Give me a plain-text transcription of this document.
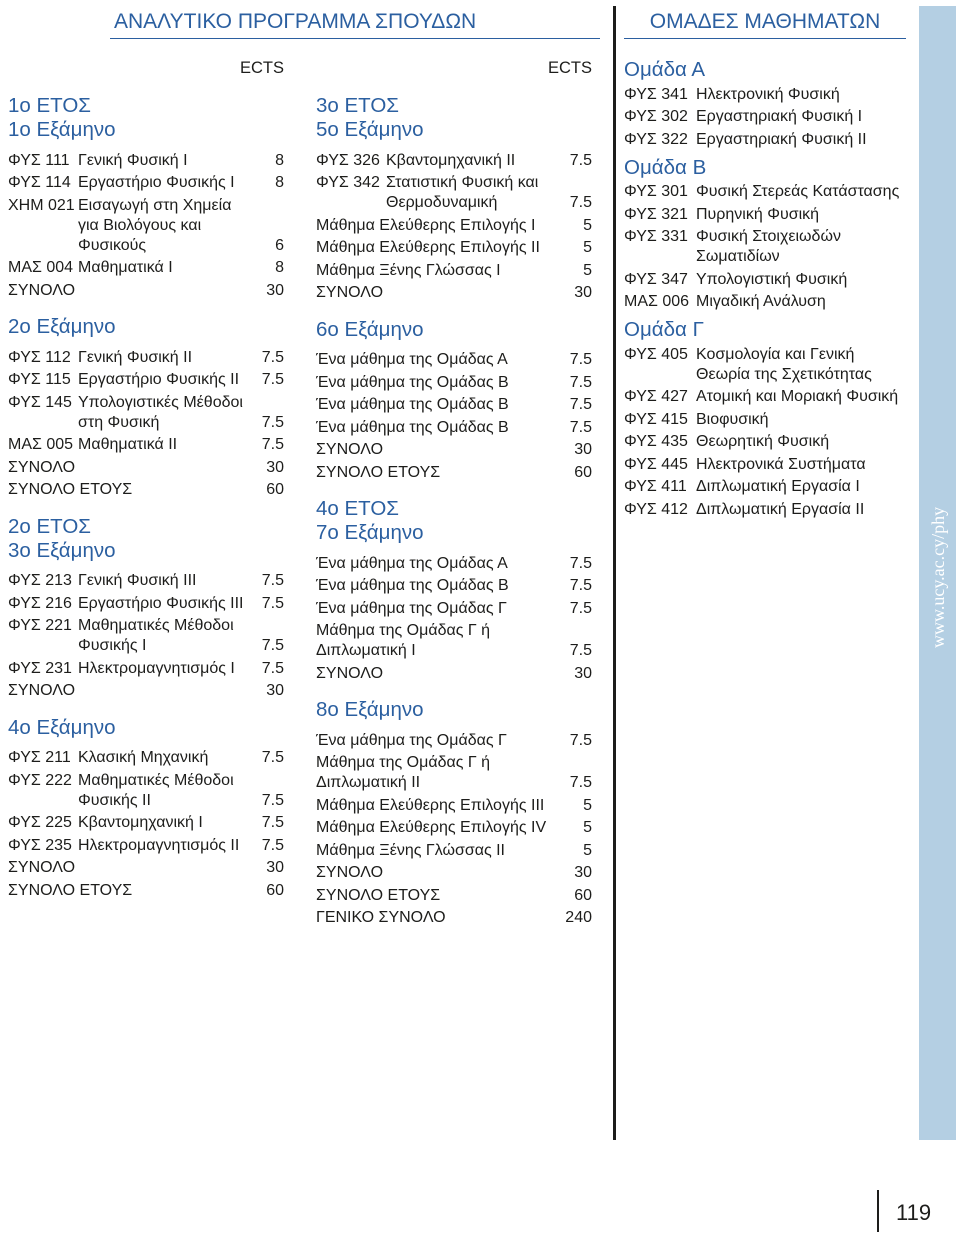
ΑΝΑΛΥΤΙΚΟ ΠΡΟΓΡΑΜΜΑ ΣΠΟΥΔΩΝ
ECTS
1ο ΕΤΟΣ
1ο Εξάμηνο
ΦΥΣ 111 Γενική Φυσική Ι	8
ΦΥΣ 114 Εργαστήριο Φυσικής Ι	8
ΧΗΜ 021 Εισαγωγή στη Χημεία για Βιολόγους και Φυσικούς	6
ΜΑΣ 004 Μαθηματικά Ι	8
ΣΥΝΟΛΟ	30
2ο Εξάμηνο
ΦΥΣ 112 Γενική Φυσική ΙΙ	7.5
ΦΥΣ 115 Εργαστήριο Φυσικής ΙΙ	7.5
ΦΥΣ 145 Υπολογιστικές Μέθοδοι στη Φυσική	7.5
ΜΑΣ 005 Μαθηματικά ΙΙ	7.5
ΣΥΝΟΛΟ	30
ΣΥΝΟΛΟ ΕΤΟΥΣ	60
2ο ΕΤΟΣ
3ο Εξάμηνο
ΦΥΣ 213 Γενική Φυσική ΙΙΙ	7.5
ΦΥΣ 216 Εργαστήριο Φυσικής ΙΙΙ	7.5
ΦΥΣ 221 Μαθηματικές Μέθοδοι Φυσικής Ι	7.5
ΦΥΣ 231 Ηλεκτρομαγνητισμός Ι	7.5
ΣΥΝΟΛΟ	30
4ο Εξάμηνο
ΦΥΣ 211 Κλασική Μηχανική	7.5
ΦΥΣ 222 Μαθηματικές Μέθοδοι Φυσικής ΙΙ	7.5
ΦΥΣ 225 Κβαντομηχανική Ι	7.5
ΦΥΣ 235 Ηλεκτρομαγνητισμός ΙΙ	7.5
ΣΥΝΟΛΟ	30
ΣΥΝΟΛΟ ΕΤΟΥΣ	60
ECTS
3ο ΕΤΟΣ
5ο Εξάμηνο
ΦΥΣ 326 Κβαντομηχανική ΙΙ	7.5
ΦΥΣ 342 Στατιστική Φυσική και Θερμοδυναμική	7.5
Μάθημα Ελεύθερης Επιλογής Ι	5
Μάθημα Ελεύθερης Επιλογής ΙΙ	5
Μάθημα Ξένης Γλώσσας Ι	5
ΣΥΝΟΛΟ	30
6ο Εξάμηνο
Ένα μάθημα της Ομάδας Α	7.5
Ένα μάθημα της Ομάδας Β	7.5
Ένα μάθημα της Ομάδας Β	7.5
Ένα μάθημα της Ομάδας Β	7.5
ΣΥΝΟΛΟ	30
ΣΥΝΟΛΟ ΕΤΟΥΣ	60
4ο ΕΤΟΣ
7ο Εξάμηνο
Ένα μάθημα της Ομάδας Α	7.5
Ένα μάθημα της Ομάδας Β	7.5
Ένα μάθημα της Ομάδας Γ	7.5
Μάθημα της Ομάδας Γ ή
Διπλωματική Ι	7.5
ΣΥΝΟΛΟ	30
8ο Εξάμηνο
Ένα μάθημα της Ομάδας Γ	7.5
Μάθημα της Ομάδας Γ ή
Διπλωματική ΙΙ	7.5
Μάθημα Ελεύθερης Επιλογής ΙΙΙ 5
Μάθημα Ελεύθερης Επιλογής ΙV 5
Μάθημα Ξένης Γλώσσας ΙΙ	5
ΣΥΝΟΛΟ	30
ΣΥΝΟΛΟ ΕΤΟΥΣ	60
ΓΕΝΙΚΟ ΣΥΝΟΛΟ	240
ΟΜΑΔΕΣ ΜΑΘΗΜΑΤΩΝ
Ομάδα Α
ΦΥΣ 341 Ηλεκτρονική Φυσική
ΦΥΣ 302 Εργαστηριακή Φυσική Ι
ΦΥΣ 322 Εργαστηριακή Φυσική ΙΙ
Ομάδα Β
ΦΥΣ 301 Φυσική Στερεάς Κατάστασης
ΦΥΣ 321 Πυρηνική Φυσική
ΦΥΣ 331 Φυσική Στοιχειωδών Σωματιδίων
ΦΥΣ 347 Υπολογιστική Φυσική
ΜΑΣ 006 Μιγαδική Ανάλυση
Ομάδα Γ
ΦΥΣ 405 Κοσμολογία και Γενική Θεωρία της Σχετικότητας
ΦΥΣ 427 Ατομική και Μοριακή Φυσική
ΦΥΣ 415 Βιοφυσική
ΦΥΣ 435 Θεωρητική Φυσική
ΦΥΣ 445 Ηλεκτρονικά Συστήματα
ΦΥΣ 411 Διπλωματική Εργασία Ι
ΦΥΣ 412 Διπλωματική Εργασία ΙΙ	www.ucy.ac.cy/phy
119
